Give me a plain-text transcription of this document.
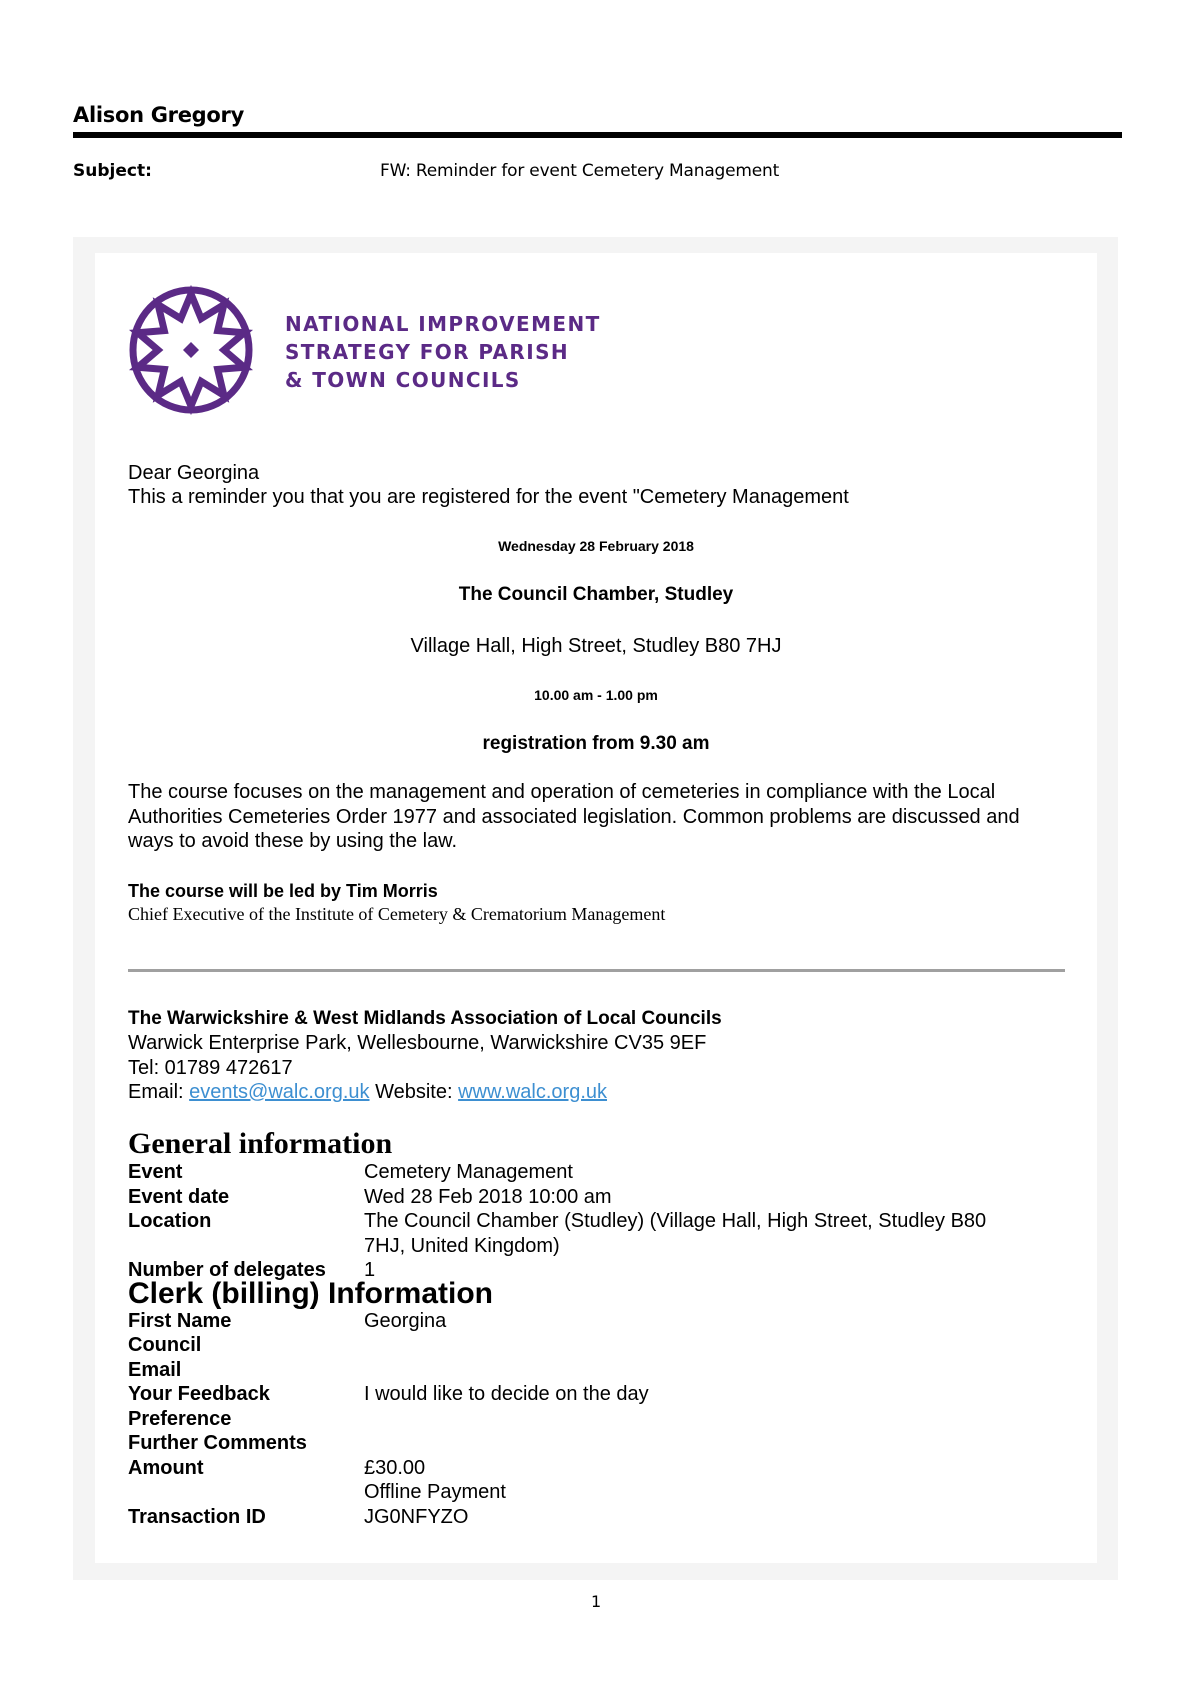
Alison Gregory
Subject:	FW: Reminder for event Cemetery Management
NATIONAL IMPROVEMENT
STRATEGY FOR PARISH
& TOWN COUNCILS
Dear Georgina
This a reminder you that you are registered for the event "Cemetery Management
Wednesday 28 February 2018
The Council Chamber, Studley
Village Hall, High Street, Studley B80 7HJ
10.00 am - 1.00 pm
registration from 9.30 am
The course focuses on the management and operation of cemeteries in compliance with the Local Authorities Cemeteries Order 1977 and associated legislation. Common problems are discussed and ways to avoid these by using the law.
The course will be led by Tim Morris
Chief Executive of the Institute of Cemetery & Crematorium Management
The Warwickshire & West Midlands Association of Local Councils
Warwick Enterprise Park, Wellesbourne, Warwickshire CV35 9EF
Tel: 01789 472617
Email: events@walc.org.uk Website: www.walc.org.uk
General information
Event	Cemetery Management
Event date	Wed 28 Feb 2018 10:00 am
Location	The Council Chamber (Studley) (Village Hall, High Street, Studley B80
7HJ, United Kingdom)
Number of delegates 1
Clerk (billing) Information
First Name	Georgina
Council
Email
Your Feedback	I would like to decide on the day
Preference
Further Comments
Amount	£30.00
Offline Payment
Transaction ID	JG0NFYZO
1
